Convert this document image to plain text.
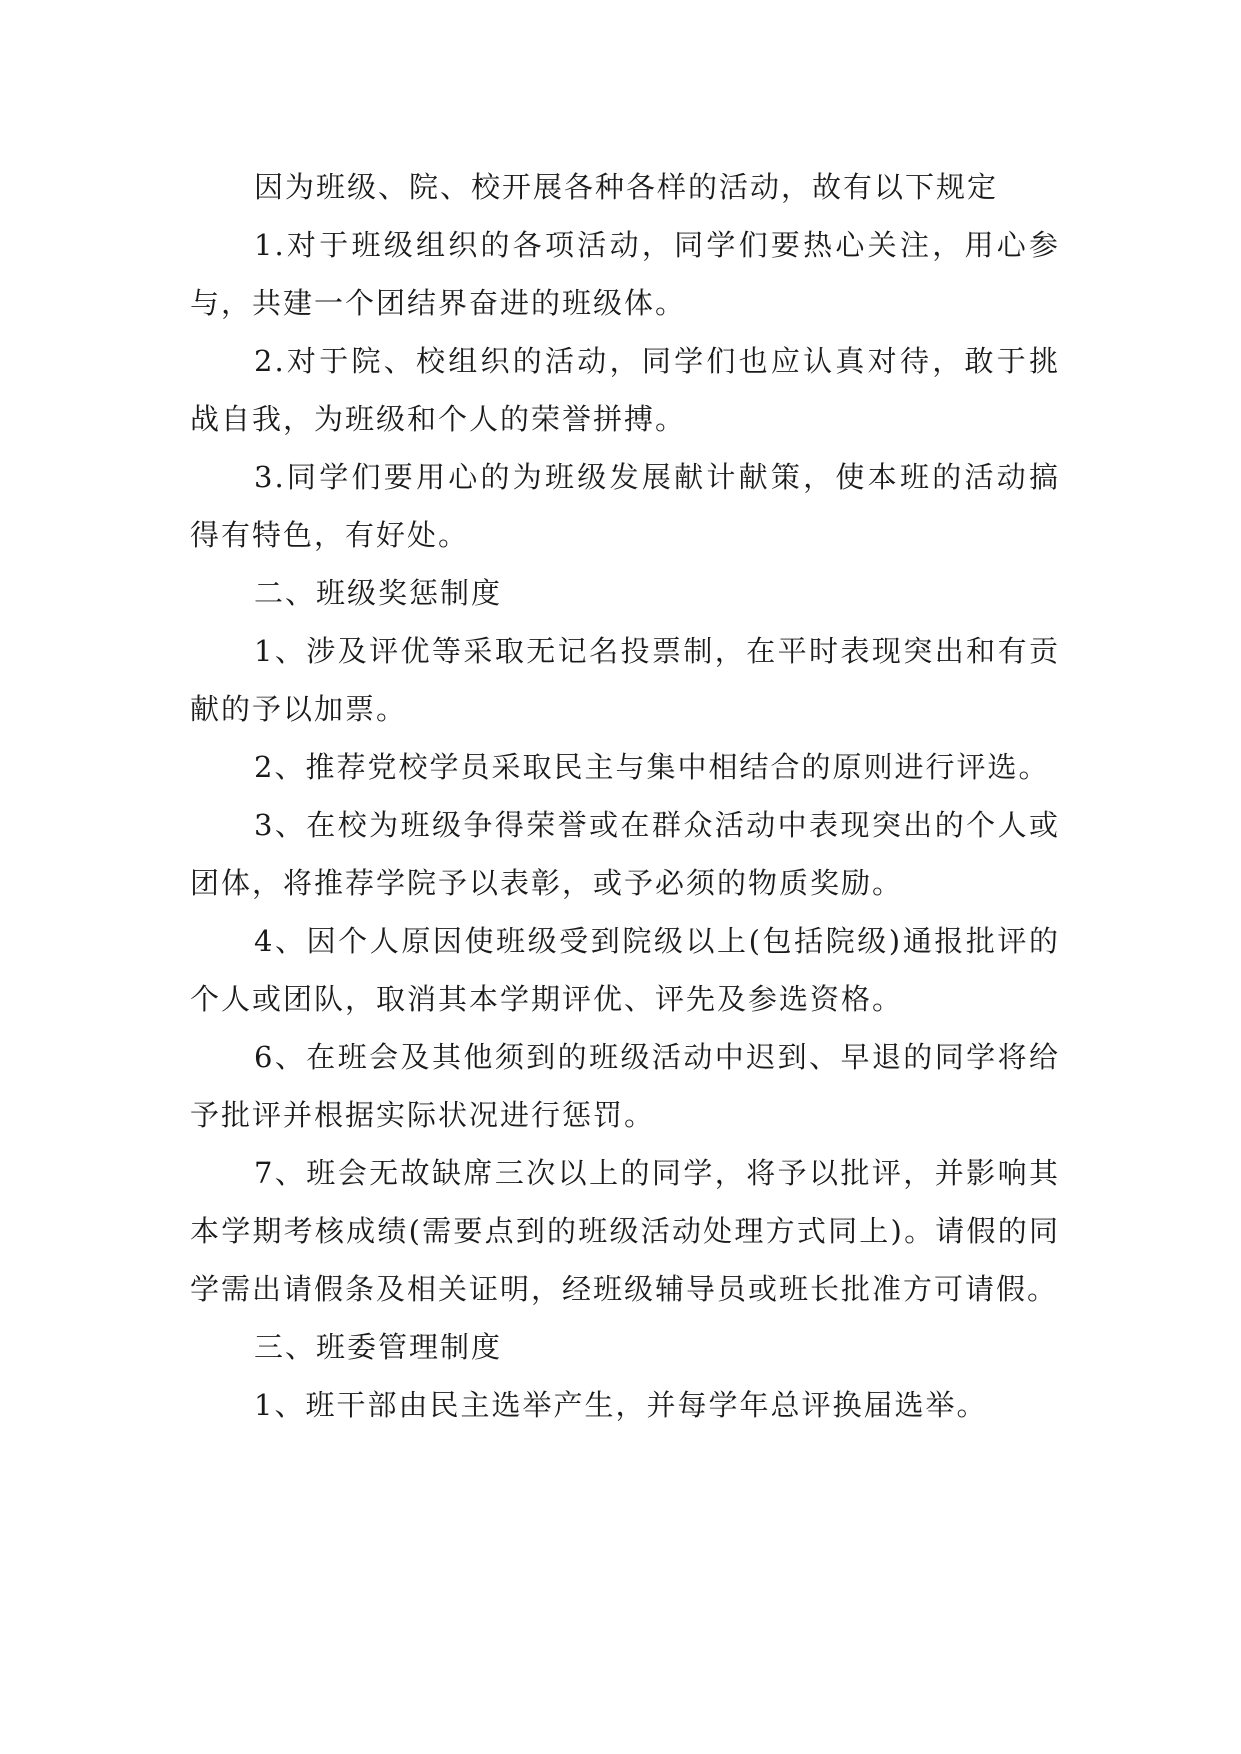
因为班级、院、校开展各种各样的活动，故有以下规定

1.对于班级组织的各项活动，同学们要热心关注，用心参与，共建一个团结界奋进的班级体。

2.对于院、校组织的活动，同学们也应认真对待，敢于挑战自我，为班级和个人的荣誉拼搏。

3.同学们要用心的为班级发展献计献策，使本班的活动搞得有特色，有好处。

二、班级奖惩制度

1、涉及评优等采取无记名投票制，在平时表现突出和有贡献的予以加票。

2、推荐党校学员采取民主与集中相结合的原则进行评选。

3、在校为班级争得荣誉或在群众活动中表现突出的个人或团体，将推荐学院予以表彰，或予必须的物质奖励。

4、因个人原因使班级受到院级以上(包括院级)通报批评的个人或团队，取消其本学期评优、评先及参选资格。

6、在班会及其他须到的班级活动中迟到、早退的同学将给予批评并根据实际状况进行惩罚。

7、班会无故缺席三次以上的同学，将予以批评，并影响其本学期考核成绩(需要点到的班级活动处理方式同上)。请假的同学需出请假条及相关证明，经班级辅导员或班长批准方可请假。

三、班委管理制度

1、班干部由民主选举产生，并每学年总评换届选举。
